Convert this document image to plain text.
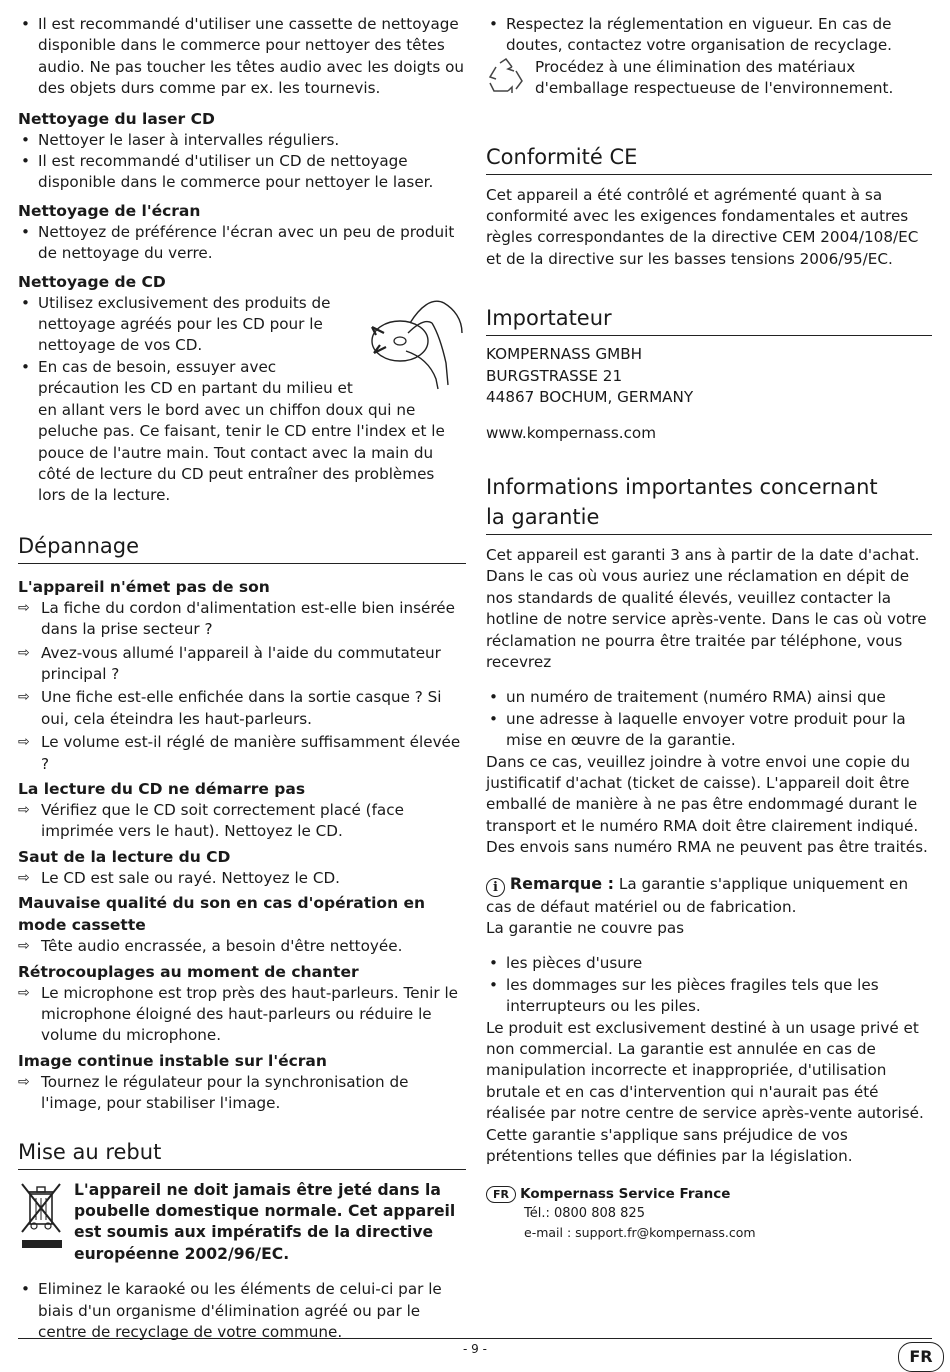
• Il est recommandé d'utiliser une cassette de nettoyage disponible dans le commerce pour nettoyer des têtes audio. Ne pas toucher les têtes audio avec les doigts ou des objets durs comme par ex. les tournevis.

Nettoyage du laser CD

• Nettoyer le laser à intervalles réguliers.
• Il est recommandé d'utiliser un CD de nettoyage disponible dans le commerce pour nettoyer le laser.

Nettoyage de l'écran

• Nettoyez de préférence l'écran avec un peu de produit de nettoyage du verre.

Nettoyage de CD

• Utilisez exclusivement des produits de nettoyage agréés pour les CD pour le nettoyage de vos CD.
• En cas de besoin, essuyer avec précaution les CD en partant du milieu et en allant vers le bord avec un chiffon doux qui ne peluche pas. Ce faisant, tenir le CD entre l'index et le pouce de l'autre main. Tout contact avec la main du côté de lecture du CD peut entraîner des problèmes lors de la lecture.

Dépannage

L'appareil n'émet pas de son

⇨ La fiche du cordon d'alimentation est-elle bien insérée dans la prise secteur ?
⇨ Avez-vous allumé l'appareil à l'aide du commutateur principal ?
⇨ Une fiche est-elle enfichée dans la sortie casque ? Si oui, cela éteindra les haut-parleurs.
⇨ Le volume est-il réglé de manière suffisamment élevée ?

La lecture du CD ne démarre pas

⇨ Vérifiez que le CD soit correctement placé (face imprimée vers le haut). Nettoyez le CD.

Saut de la lecture du CD

⇨ Le CD est sale ou rayé. Nettoyez le CD.

Mauvaise qualité du son en cas d'opération en mode cassette

⇨ Tête audio encrassée, a besoin d'être nettoyée.

Rétrocouplages au moment de chanter

⇨ Le microphone est trop près des haut-parleurs. Tenir le microphone éloigné des haut-parleurs ou réduire le volume du microphone.

Image continue instable sur l'écran

⇨ Tournez le régulateur pour la synchronisation de l'image, pour stabiliser l'image.

Mise au rebut

L'appareil ne doit jamais être jeté dans la poubelle domestique normale. Cet appareil est soumis aux impératifs de la directive européenne 2002/96/EC.

• Eliminez le karaoké ou les éléments de celui-ci par le biais d'un organisme d'élimination agréé ou par le centre de recyclage de votre commune.
• Respectez la réglementation en vigueur. En cas de doutes, contactez votre organisation de recyclage.

Procédez à une élimination des matériaux d'emballage respectueuse de l'environnement.

Conformité CE

Cet appareil a été contrôlé et agrémenté quant à sa conformité avec les exigences fondamentales et autres règles correspondantes de la directive CEM 2004/108/EC et de la directive sur les basses tensions 2006/95/EC.

Importateur

KOMPERNASS GMBH

BURGSTRASSE 21

44867 BOCHUM, GERMANY

www.kompernass.com

Informations importantes concernant

la garantie

Cet appareil est garanti 3 ans à partir de la date d'achat. Dans le cas où vous auriez une réclamation en dépit de nos standards de qualité élevés, veuillez contacter la hotline de notre service après-vente. Dans le cas où votre réclamation ne pourra être traitée par téléphone, vous recevrez

• un numéro de traitement (numéro RMA) ainsi que
• une adresse à laquelle envoyer votre produit pour la mise en œuvre de la garantie.

Dans ce cas, veuillez joindre à votre envoi une copie du justificatif d'achat (ticket de caisse). L'appareil doit être emballé de manière à ne pas être endommagé durant le transport et le numéro RMA doit être clairement indiqué. Des envois sans numéro RMA ne peuvent pas être traités.

i Remarque : La garantie s'applique uniquement en cas de défaut matériel ou de fabrication.

La garantie ne couvre pas

• les pièces d'usure
• les dommages sur les pièces fragiles tels que les interrupteurs ou les piles.

Le produit est exclusivement destiné à un usage privé et non commercial. La garantie est annulée en cas de manipulation incorrecte et inappropriée, d'utilisation brutale et en cas d'intervention qui n'aurait pas été réalisée par notre centre de service après-vente autorisé. Cette garantie s'applique sans préjudice de vos prétentions telles que définies par la législation.

FR Kompernass Service France
Tél.: 0800 808 825
e-mail : support.fr@kompernass.com
- 9 -	FR
